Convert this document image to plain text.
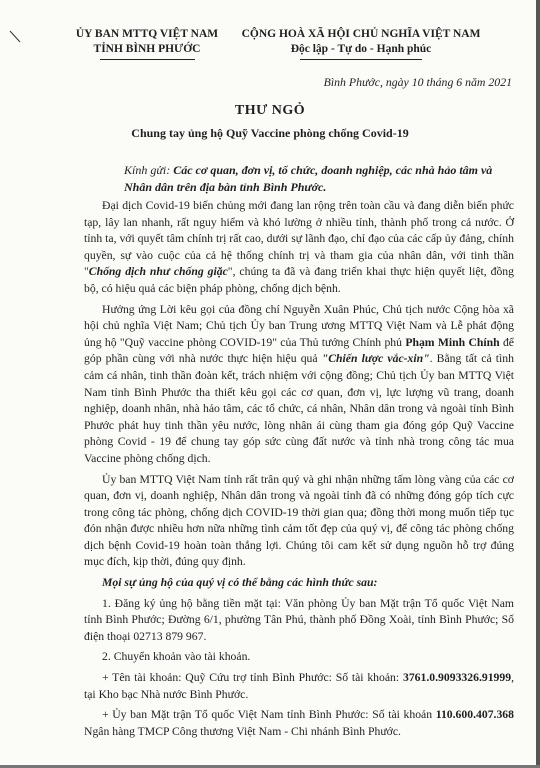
ỦY BAN MTTQ VIỆT NAM
TỈNH BÌNH PHƯỚC
CỘNG HOÀ XÃ HỘI CHỦ NGHĨA VIỆT NAM
Độc lập - Tự do - Hạnh phúc
Bình Phước, ngày 10 tháng 6 năm 2021
THƯ NGỎ
Chung tay ủng hộ Quỹ Vaccine phòng chống Covid-19
Kính gửi: Các cơ quan, đơn vị, tổ chức, doanh nghiệp, các nhà hảo tâm và Nhân dân trên địa bàn tỉnh Bình Phước.

Đại dịch Covid-19 biến chủng mới đang lan rộng trên toàn cầu và đang diễn biến phức tạp, lây lan nhanh, rất nguy hiểm và khó lường ở nhiều tỉnh, thành phố trong cả nước. Ở tỉnh ta, với quyết tâm chính trị rất cao, dưới sự lãnh đạo, chỉ đạo của các cấp ủy đảng, chính quyền, sự vào cuộc của cả hệ thống chính trị và tham gia của nhân dân, với tinh thần "Chống dịch như chống giặc", chúng ta đã và đang triển khai thực hiện quyết liệt, đồng bộ, có hiệu quả các biện pháp phòng, chống dịch bệnh.

Hưởng ứng Lời kêu gọi của đồng chí Nguyễn Xuân Phúc, Chủ tịch nước Cộng hòa xã hội chủ nghĩa Việt Nam; Chủ tịch Ủy ban Trung ương MTTQ Việt Nam và Lễ phát động ủng hộ "Quỹ vaccine phòng COVID-19" của Thủ tướng Chính phủ Phạm Minh Chính để góp phần cùng với nhà nước thực hiện hiệu quả "Chiến lược vắc-xin". Bằng tất cả tình cảm cá nhân, tinh thần đoàn kết, trách nhiệm với cộng đồng; Chủ tịch Ủy ban MTTQ Việt Nam tỉnh Bình Phước tha thiết kêu gọi các cơ quan, đơn vị, lực lượng vũ trang, doanh nghiệp, doanh nhân, nhà hảo tâm, các tổ chức, cá nhân, Nhân dân trong và ngoài tỉnh Bình Phước phát huy tinh thần yêu nước, lòng nhân ái cùng tham gia đóng góp Quỹ Vaccine phòng Covid - 19 để chung tay góp sức cùng đất nước và tỉnh nhà trong công tác mua Vaccine phòng chống dịch.

Ủy ban MTTQ Việt Nam tỉnh rất trân quý và ghi nhận những tấm lòng vàng của các cơ quan, đơn vị, doanh nghiệp, Nhân dân trong và ngoài tỉnh đã có những đóng góp tích cực trong công tác phòng, chống dịch COVID-19 thời gian qua; đồng thời mong muốn tiếp tục đón nhận được nhiều hơn nữa những tình cảm tốt đẹp của quý vị, để công tác phòng chống dịch bệnh Covid-19 hoàn toàn thắng lợi. Chúng tôi cam kết sử dụng nguồn hỗ trợ đúng mục đích, kịp thời, đúng quy định.

Mọi sự ủng hộ của quý vị có thể bằng các hình thức sau:

1. Đăng ký ủng hộ bằng tiền mặt tại: Văn phòng Ủy ban Mặt trận Tổ quốc Việt Nam tỉnh Bình Phước; Đường 6/1, phường Tân Phú, thành phố Đồng Xoài, tỉnh Bình Phước; Số điện thoại 02713 879 967.

2. Chuyển khoản vào tài khoản.

+ Tên tài khoản: Quỹ Cứu trợ tỉnh Bình Phước: Số tài khoản: 3761.0.9093326.91999, tại Kho bạc Nhà nước Bình Phước.

+ Ủy ban Mặt trận Tổ quốc Việt Nam tỉnh Bình Phước: Số tài khoản 110.600.407.368 Ngân hàng TMCP Công thương Việt Nam - Chi nhánh Bình Phước.
